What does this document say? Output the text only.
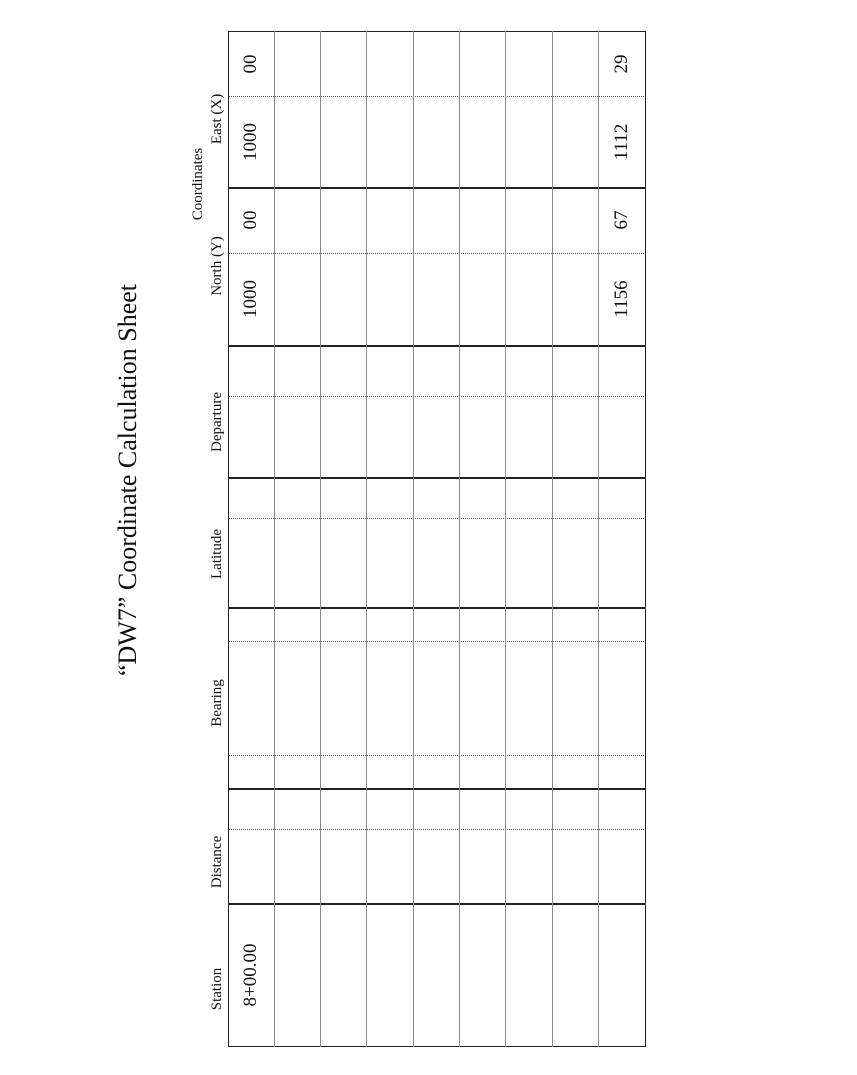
“DW7” Coordinate Calculation Sheet
Station
Distance
Bearing
Latitude
Departure
Coordinates
North (Y)
East (X)
8+00.00
1000
00
1000
00
1156
67
1112
29
